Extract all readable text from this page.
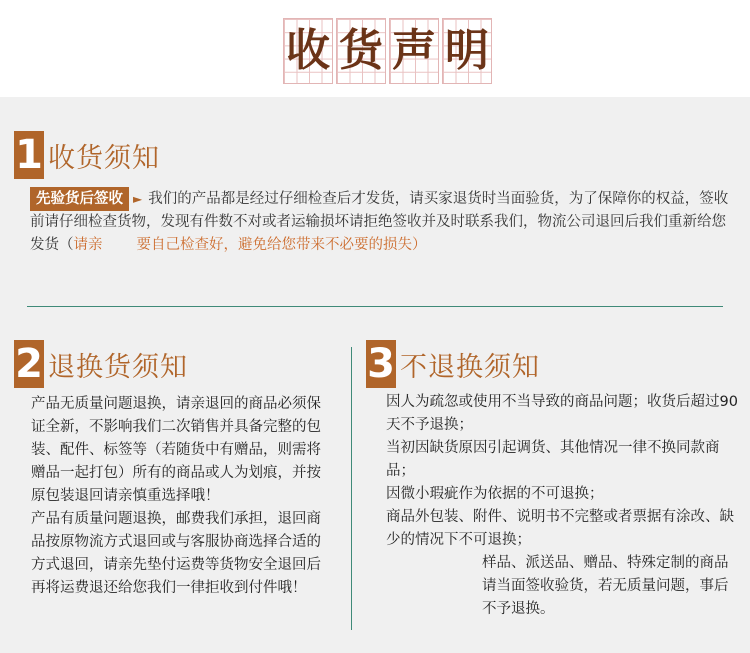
收 货 声 明
1 收货须知
先验货后签收 ► 我们的产品都是经过仔细检查后才发货，请买家退货时当面验货，为了保障你的权益，签收前请仔细检查货物，发现有件数不对或者运输损坏请拒绝签收并及时联系我们，物流公司退回后我们重新给您发货（请亲 要自己检查好，避免给您带来不必要的损失）
2 退换货须知

产品无质量问题退换，请亲退回的商品必须保证全新，不影响我们二次销售并具备完整的包装、配件、标签等（若随货中有赠品，则需将赠品一起打包）所有的商品或人为划痕，并按原包装退回请亲慎重选择哦！

产品有质量问题退换，邮费我们承担，退回商品按原物流方式退回或与客服协商选择合适的方式退回，请亲先垫付运费等货物安全退回后再将运费退还给您我们一律拒收到付件哦！

3 不退换须知

因人为疏忽或使用不当导致的商品问题；收货后超过90天不予退换；

当初因缺货原因引起调货、其他情况一律不换同款商品；

因微小瑕疵作为依据的不可退换；

商品外包装、附件、说明书不完整或者票据有涂改、缺少的情况下不可退换；

样品、派送品、赠品、特殊定制的商品请当面签收验货，若无质量问题，事后不予退换。
